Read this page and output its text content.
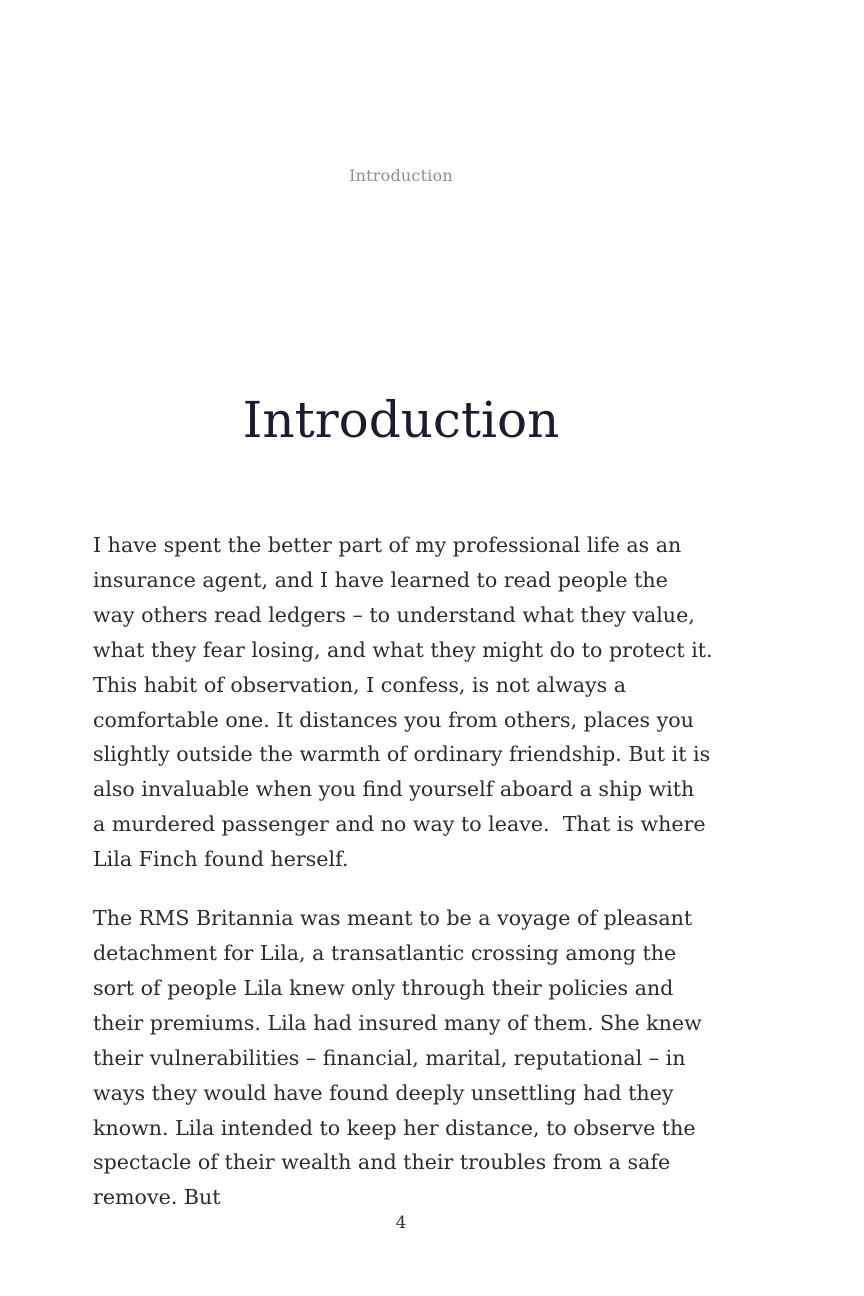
Introduction
Introduction

I have spent the better part of my professional life as an insurance agent, and I have learned to read people the way others read ledgers – to understand what they value, what they fear losing, and what they might do to protect it. This habit of observation, I confess, is not always a comfortable one. It distances you from others, places you slightly outside the warmth of ordinary friendship. But it is also invaluable when you find yourself aboard a ship with a murdered passenger and no way to leave.  That is where Lila Finch found herself.

The RMS Britannia was meant to be a voyage of pleasant detachment for Lila, a transatlantic crossing among the sort of people Lila knew only through their policies and their premiums. Lila had insured many of them. She knew their vulnerabilities – financial, marital, reputational – in ways they would have found deeply unsettling had they known. Lila intended to keep her distance, to observe the spectacle of their wealth and their troubles from a safe remove. But

4
